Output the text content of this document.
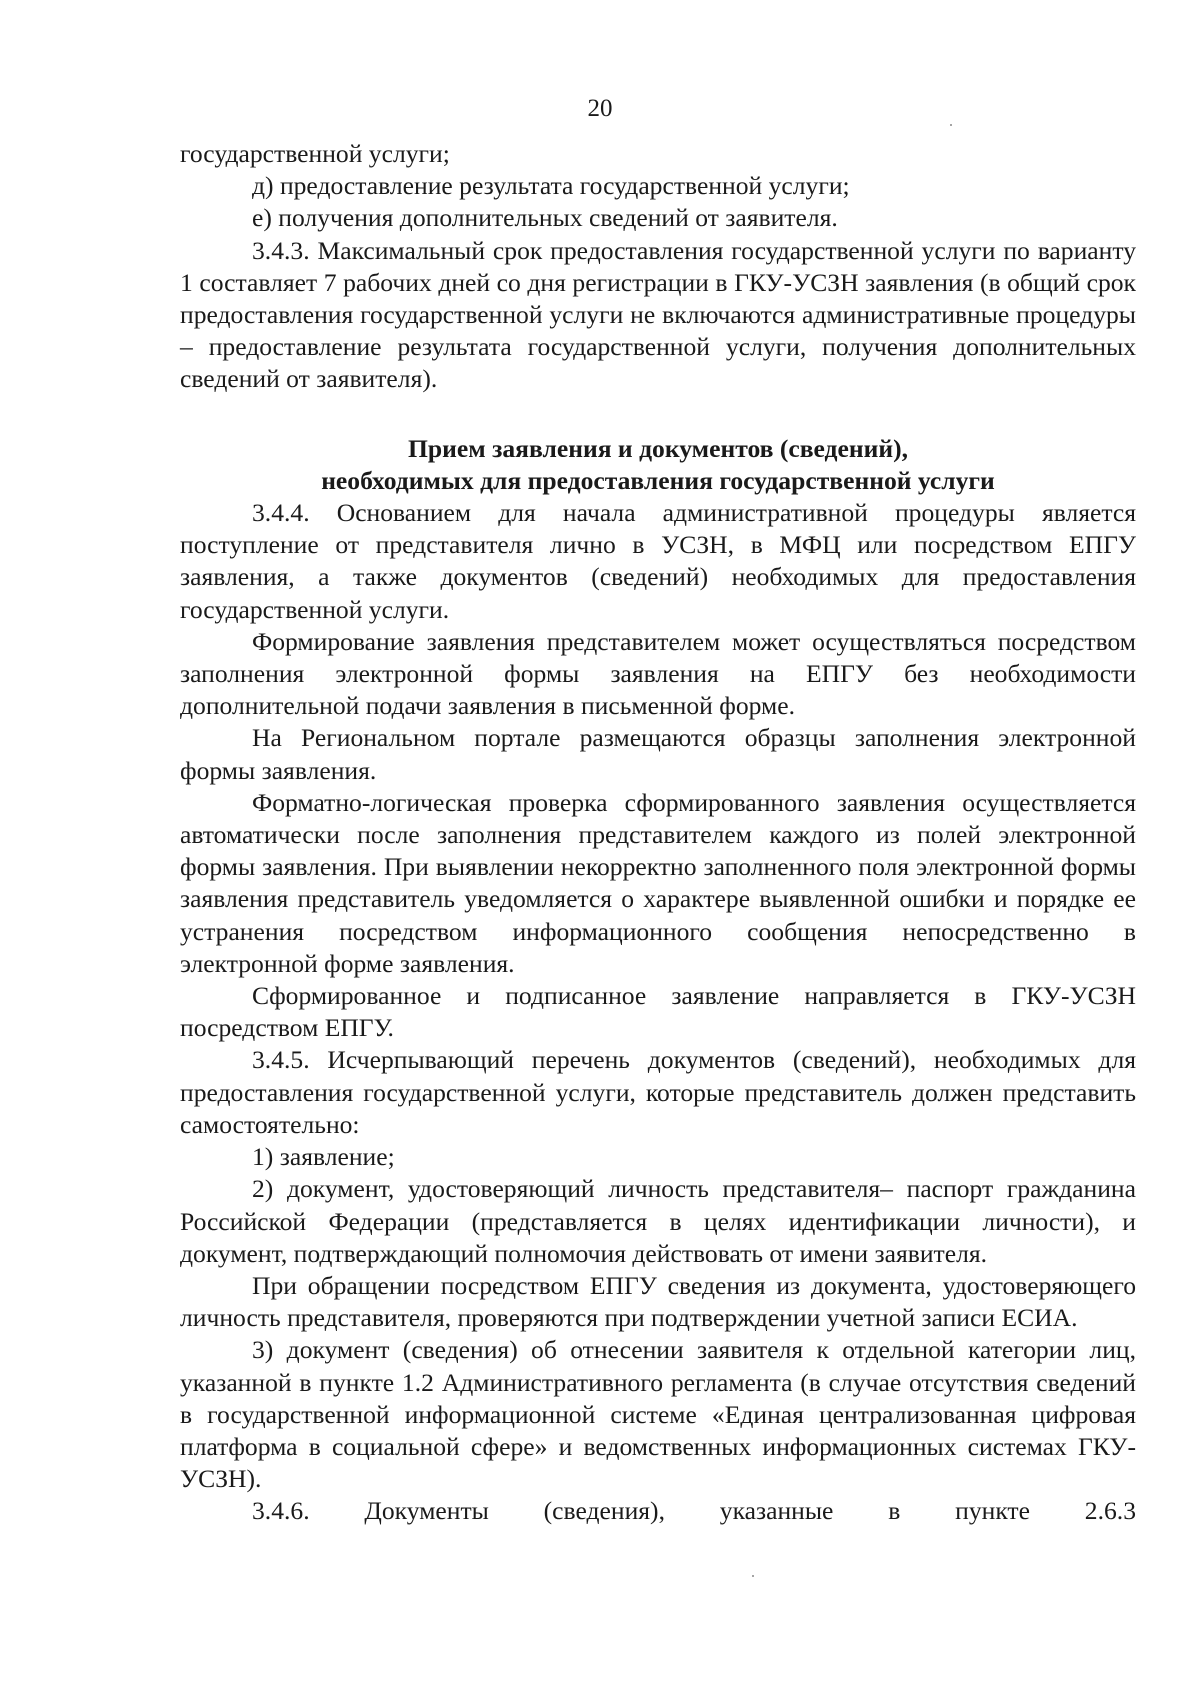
20

государственной услуги;

д) предоставление результата государственной услуги;

е) получения дополнительных сведений от заявителя.

3.4.3. Максимальный срок предоставления государственной услуги по варианту 1 составляет 7 рабочих дней со дня регистрации в ГКУ-УСЗН заявления (в общий срок предоставления государственной услуги не включаются административные процедуры – предоставление результата государственной услуги, получения дополнительных сведений от заявителя).

Прием заявления и документов (сведений),
необходимых для предоставления государственной услуги

3.4.4. Основанием для начала административной процедуры является поступление от представителя лично в УСЗН, в МФЦ или посредством ЕПГУ заявления, а также документов (сведений) необходимых для предоставления государственной услуги.

Формирование заявления представителем может осуществляться посредством заполнения электронной формы заявления на ЕПГУ без необходимости дополнительной подачи заявления в письменной форме.

На Региональном портале размещаются образцы заполнения электронной формы заявления.

Форматно-логическая проверка сформированного заявления осуществляется автоматически после заполнения представителем каждого из полей электронной формы заявления. При выявлении некорректно заполненного поля электронной формы заявления представитель уведомляется о характере выявленной ошибки и порядке ее устранения посредством информационного сообщения непосредственно в электронной форме заявления.

Сформированное и подписанное заявление направляется в ГКУ-УСЗН посредством ЕПГУ.

3.4.5. Исчерпывающий перечень документов (сведений), необходимых для предоставления государственной услуги, которые представитель должен представить самостоятельно:

1) заявление;

2) документ, удостоверяющий личность представителя– паспорт гражданина Российской Федерации (представляется в целях идентификации личности), и документ, подтверждающий полномочия действовать от имени заявителя.

При обращении посредством ЕПГУ сведения из документа, удостоверяющего личность представителя, проверяются при подтверждении учетной записи ЕСИА.

3) документ (сведения) об отнесении заявителя к отдельной категории лиц, указанной в пункте 1.2 Административного регламента (в случае отсутствия сведений в государственной информационной системе «Единая централизованная цифровая платформа в социальной сфере» и ведомственных информационных системах ГКУ-УСЗН).

3.4.6. Документы (сведения), указанные в пункте 2.6.3
